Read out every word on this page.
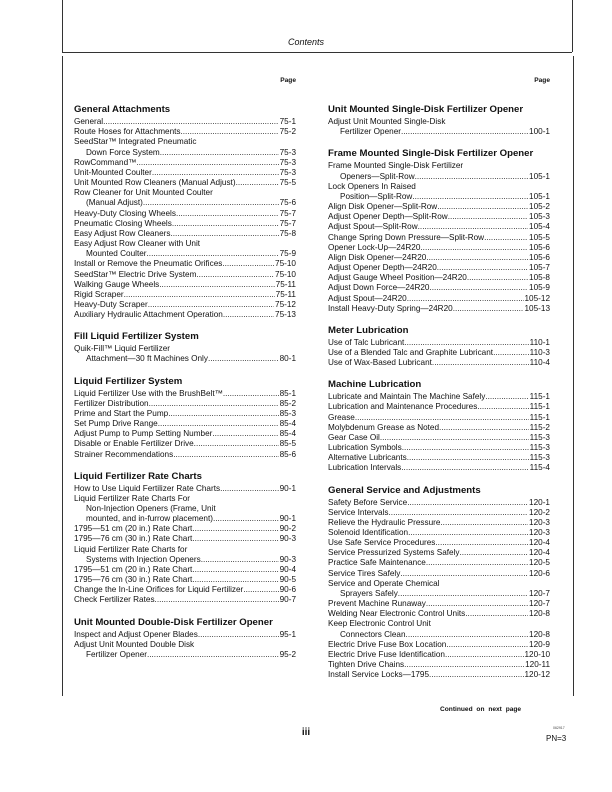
Contents
Page
General Attachments
General .....	75-1
Route Hoses for Attachments .....	75-2
SeedStar™ Integrated Pneumatic
Down Force System .....	75-3
RowCommand™ .....	75-3
Unit-Mounted Coulter .....	75-3
Unit Mounted Row Cleaners (Manual Adjust) .....	75-5
Row Cleaner for Unit Mounted Coulter
(Manual Adjust) .....	75-6
Heavy-Duty Closing Wheels .....	75-7
Pneumatic Closing Wheels .....	75-7
Easy Adjust Row Cleaners .....	75-8
Easy Adjust Row Cleaner with Unit
Mounted Coulter .....	75-9
Install or Remove the Pneumatic Orifices .....	75-10
SeedStar™ Electric Drive System .....	75-10
Walking Gauge Wheels .....	75-11
Rigid Scraper .....	75-11
Heavy-Duty Scraper .....	75-12
Auxiliary Hydraulic Attachment Operation .....	75-13
Fill Liquid Fertilizer System
Quik-Fill™ Liquid Fertilizer
Attachment—30 ft Machines Only .....	80-1
Liquid Fertilizer System
Liquid Fertilizer Use with the BrushBelt™ .....	85-1
Fertilizer Distribution .....	85-2
Prime and Start the Pump .....	85-3
Set Pump Drive Range .....	85-4
Adjust Pump to Pump Setting Number .....	85-4
Disable or Enable Fertilizer Drive .....	85-5
Strainer Recommendations .....	85-6
Liquid Fertilizer Rate Charts
How to Use Liquid Fertilizer Rate Charts .....	90-1
Liquid Fertilizer Rate Charts For
Non-Injection Openers (Frame, Unit
mounted, and in-furrow placement) .....	90-1
1795—51 cm (20 in.) Rate Chart .....	90-2
1795—76 cm (30 in.) Rate Chart .....	90-3
Liquid Fertilizer Rate Charts for
Systems with Injection Openers .....	90-3
1795—51 cm (20 in.) Rate Chart .....	90-4
1795—76 cm (30 in.) Rate Chart .....	90-5
Change the In-Line Orifices for Liquid Fertilizer .....	90-6
Check Fertilizer Rates .....	90-7
Unit Mounted Double-Disk Fertilizer Opener
Inspect and Adjust Opener Blades .....	95-1
Adjust Unit Mounted Double Disk
Fertilizer Opener .....	95-2
Page
Unit Mounted Single-Disk Fertilizer Opener
Adjust Unit Mounted Single-Disk
Fertilizer Opener .....	100-1
Frame Mounted Single-Disk Fertilizer Opener
Frame Mounted Single-Disk Fertilizer
Openers—Split-Row .....	105-1
Lock Openers In Raised
Position—Split-Row .....	105-1
Align Disk Opener—Split-Row .....	105-2
Adjust Opener Depth—Split-Row .....	105-3
Adjust Spout—Split-Row .....	105-4
Change Spring Down Pressure—Split-Row .....	105-5
Opener Lock-Up—24R20 .....	105-6
Align Disk Opener—24R20 .....	105-6
Adjust Opener Depth—24R20 .....	105-7
Adjust Gauge Wheel Position—24R20 .....	105-8
Adjust Down Force—24R20 .....	105-9
Adjust Spout—24R20 .....	105-12
Install Heavy-Duty Spring—24R20 .....	105-13
Meter Lubrication
Use of Talc Lubricant .....	110-1
Use of a Blended Talc and Graphite Lubricant .....	110-3
Use of Wax-Based Lubricant .....	110-4
Machine Lubrication
Lubricate and Maintain The Machine Safely .....	115-1
Lubrication and Maintenance Procedures .....	115-1
Grease .....	115-1
Molybdenum Grease as Noted .....	115-2
Gear Case Oil .....	115-3
Lubrication Symbols .....	115-3
Alternative Lubricants .....	115-3
Lubrication Intervals .....	115-4
General Service and Adjustments
Safety Before Service .....	120-1
Service Intervals .....	120-2
Relieve the Hydraulic Pressure .....	120-3
Solenoid Identification .....	120-3
Use Safe Service Procedures .....	120-4
Service Pressurized Systems Safely .....	120-4
Practice Safe Maintenance .....	120-5
Service Tires Safely .....	120-6
Service and Operate Chemical
Sprayers Safely .....	120-7
Prevent Machine Runaway .....	120-7
Welding Near Electronic Control Units .....	120-8
Keep Electronic Control Unit
Connectors Clean .....	120-8
Electric Drive Fuse Box Location .....	120-9
Electric Drive Fuse Identification .....	120-10
Tighten Drive Chains .....	120-11
Install Service Locks—1795 .....	120-12
Continued on next page
iii	062917
PN=3
